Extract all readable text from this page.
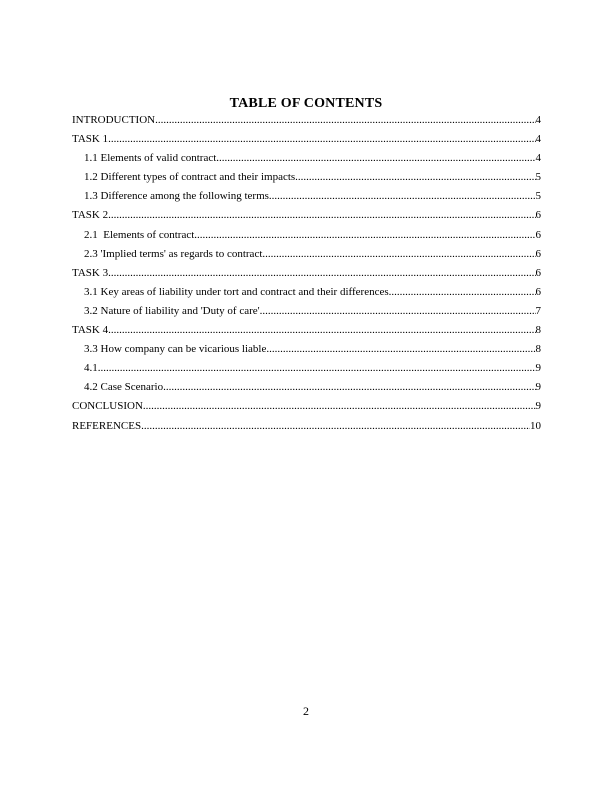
TABLE OF CONTENTS
INTRODUCTION .....	4
TASK 1 .....	4
1.1 Elements of valid contract .....	4
1.2 Different types of contract and their impacts .....	5
1.3 Difference among the following terms .....	5
TASK 2 .....	6
2.1  Elements of contract .....	6
2.3 'Implied terms' as regards to contract .....	6
TASK 3 .....	6
3.1 Key areas of liability under tort and contract and their differences .....	6
3.2 Nature of liability and 'Duty of care' .....	7
TASK 4 .....	8
3.3 How company can be vicarious liable .....	8
4.1 .....	9
4.2 Case Scenario .....	9
CONCLUSION .....	9
REFERENCES .....	10
2
